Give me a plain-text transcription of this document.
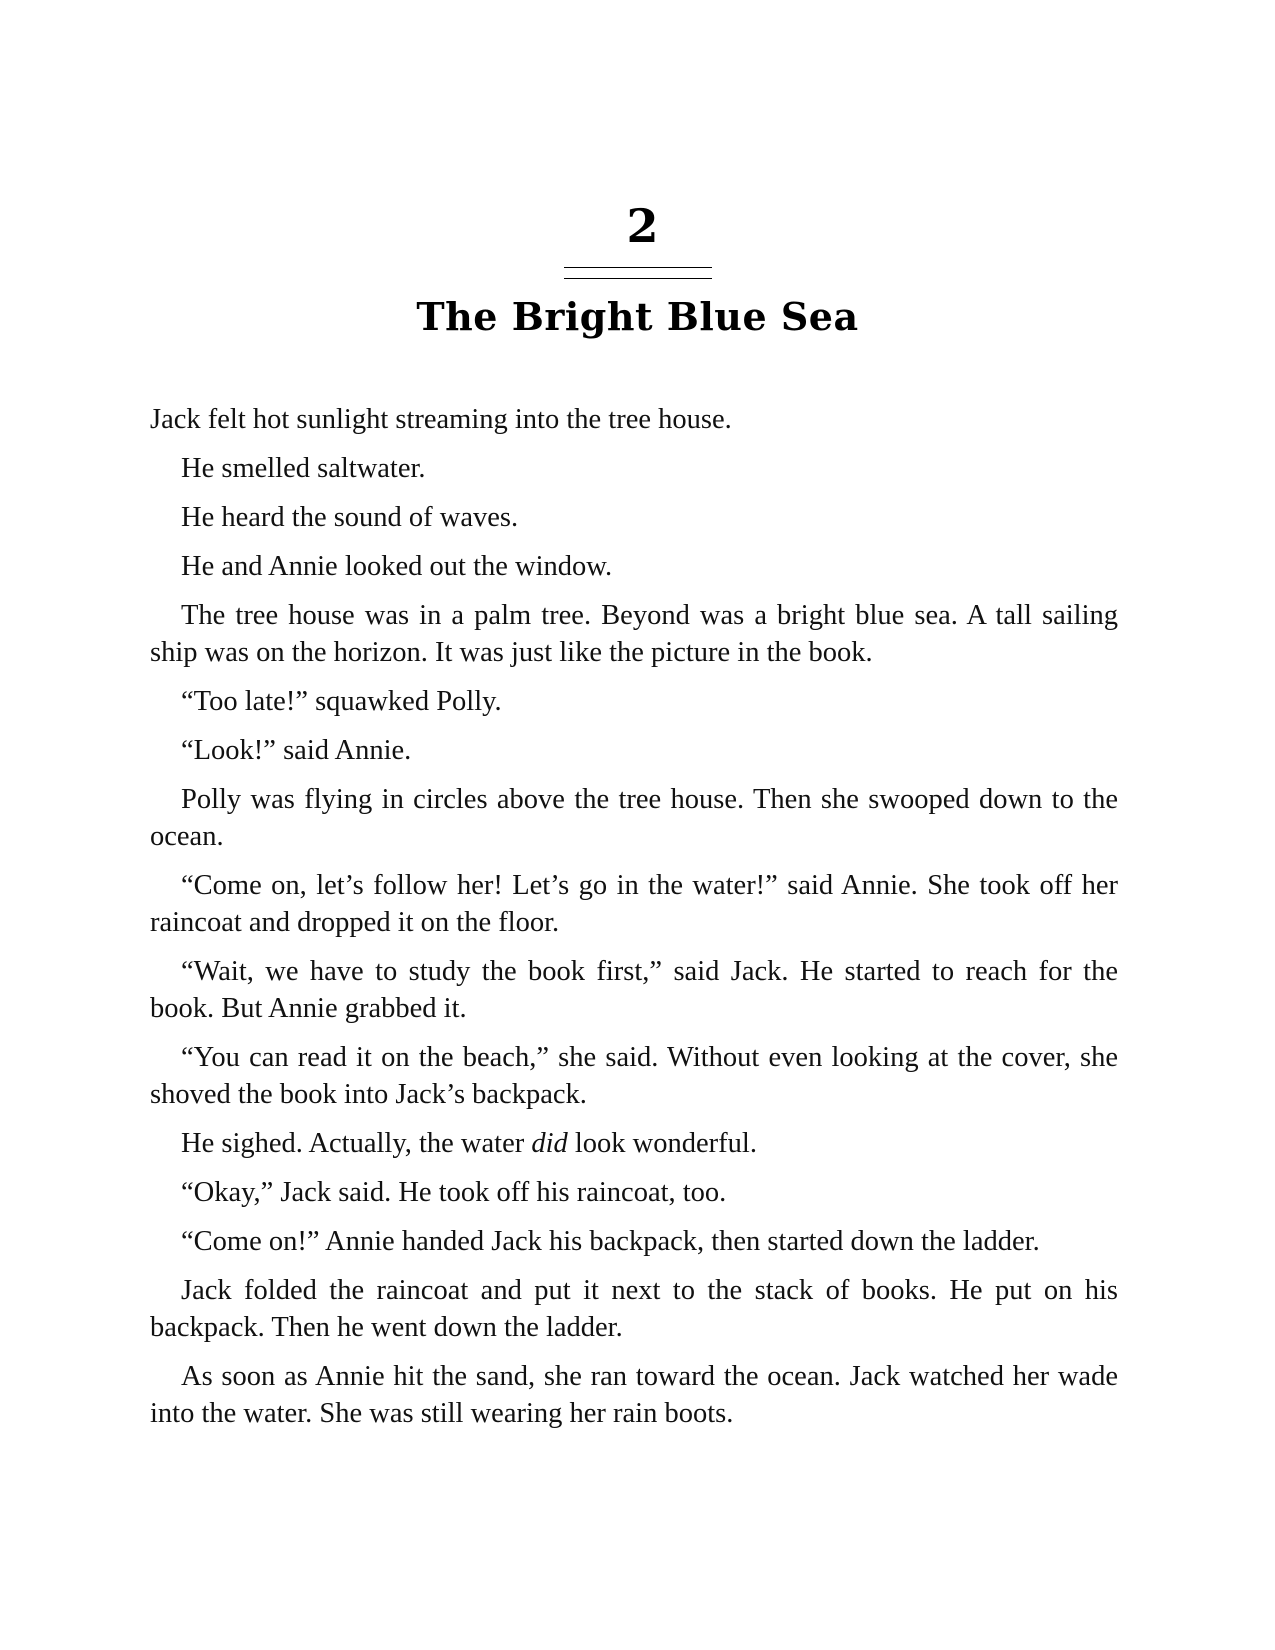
2
The Bright Blue Sea

Jack felt hot sunlight streaming into the tree house.

He smelled saltwater.

He heard the sound of waves.

He and Annie looked out the window.

The tree house was in a palm tree. Beyond was a bright blue sea. A tall sailing ship was on the horizon. It was just like the picture in the book.

“Too late!” squawked Polly.

“Look!” said Annie.

Polly was flying in circles above the tree house. Then she swooped down to the ocean.

“Come on, let’s follow her! Let’s go in the water!” said Annie. She took off her raincoat and dropped it on the floor.

“Wait, we have to study the book first,” said Jack. He started to reach for the book. But Annie grabbed it.

“You can read it on the beach,” she said. Without even looking at the cover, she shoved the book into Jack’s backpack.

He sighed. Actually, the water did look wonderful.

“Okay,” Jack said. He took off his raincoat, too.

“Come on!” Annie handed Jack his backpack, then started down the ladder.

Jack folded the raincoat and put it next to the stack of books. He put on his backpack. Then he went down the ladder.

As soon as Annie hit the sand, she ran toward the ocean. Jack watched her wade into the water. She was still wearing her rain boots.
